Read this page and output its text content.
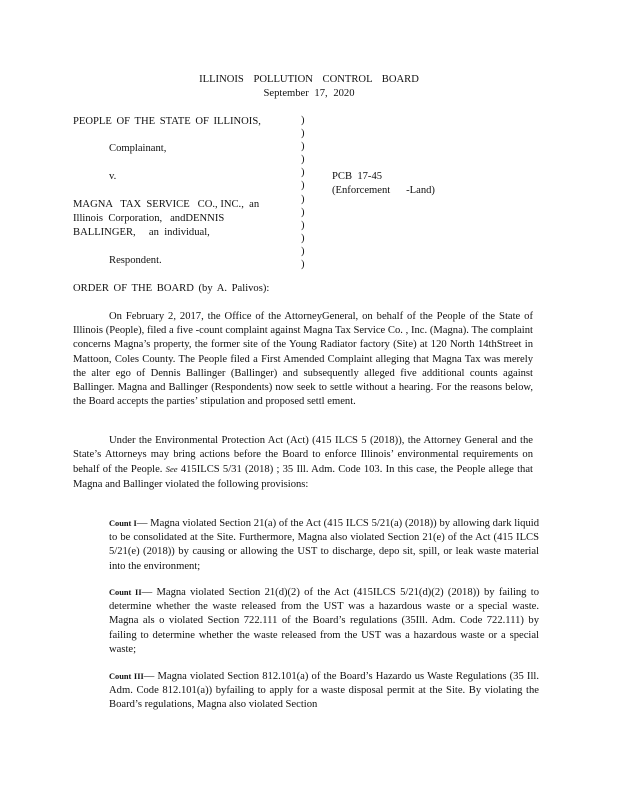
ILLINOIS POLLUTION CONTROL BOARD
September 17, 2020
PEOPLE OF THE STATE OF ILLINOIS,
Complainant,
v.
MAGNA   TAX  SERVICE   CO., INC.,  an
Illinois  Corporation,   andDENNIS
BALLINGER,     an  individual,
Respondent.
)
)
)
)
)
)
)
)
)
)
)
)
PCB  17-45
(Enforcement      -Land)
ORDER OF THE BOARD (by A. Palivos):

On February 2, 2017, the Office of the AttorneyGeneral, on behalf of the People of the State of Illinois (People), filed a five -count complaint against Magna Tax Service Co. , Inc. (Magna). The complaint concerns Magna’s property, the former site of the Young Radiator factory (Site) at 120 North 14thStreet in Mattoon, Coles County. The People filed a First Amended Complaint alleging that Magna Tax was merely the alter ego of Dennis Ballinger (Ballinger) and subsequently alleged five additional counts against Ballinger. Magna and Ballinger (Respondents) now seek to settle without a hearing. For the reasons below, the Board accepts the parties’ stipulation and proposed settl ement.

Under the Environmental Protection Act (Act) (415 ILCS 5 (2018)), the Attorney General and the State’s Attorneys may bring actions before the Board to enforce Illinois’ environmental requirements on behalf of the People. See 415ILCS 5/31 (2018) ; 35 Ill. Adm. Code 103. In this case, the People allege that Magna and Ballinger violated the following provisions:

Count I— Magna violated Section 21(a) of the Act (415 ILCS 5/21(a) (2018)) by allowing dark liquid to be consolidated at the Site. Furthermore, Magna also violated Section 21(e) of the Act (415 ILCS 5/21(e) (2018)) by causing or allowing the UST to discharge, depo sit, spill, or leak waste material into the environment;
Count II— Magna violated Section 21(d)(2) of the Act (415ILCS 5/21(d)(2) (2018)) by failing to determine whether the waste released from the UST was a hazardous waste or a special waste. Magna als o violated Section 722.111 of the Board’s regulations (35Ill. Adm. Code 722.111) by failing to determine whether the waste released from the UST was a hazardous waste or a special waste;
Count III— Magna violated Section 812.101(a) of the Board’s Hazardo us Waste Regulations (35 Ill. Adm. Code 812.101(a)) byfailing to apply for a waste disposal permit at the Site. By violating the Board’s regulations, Magna also violated Section
